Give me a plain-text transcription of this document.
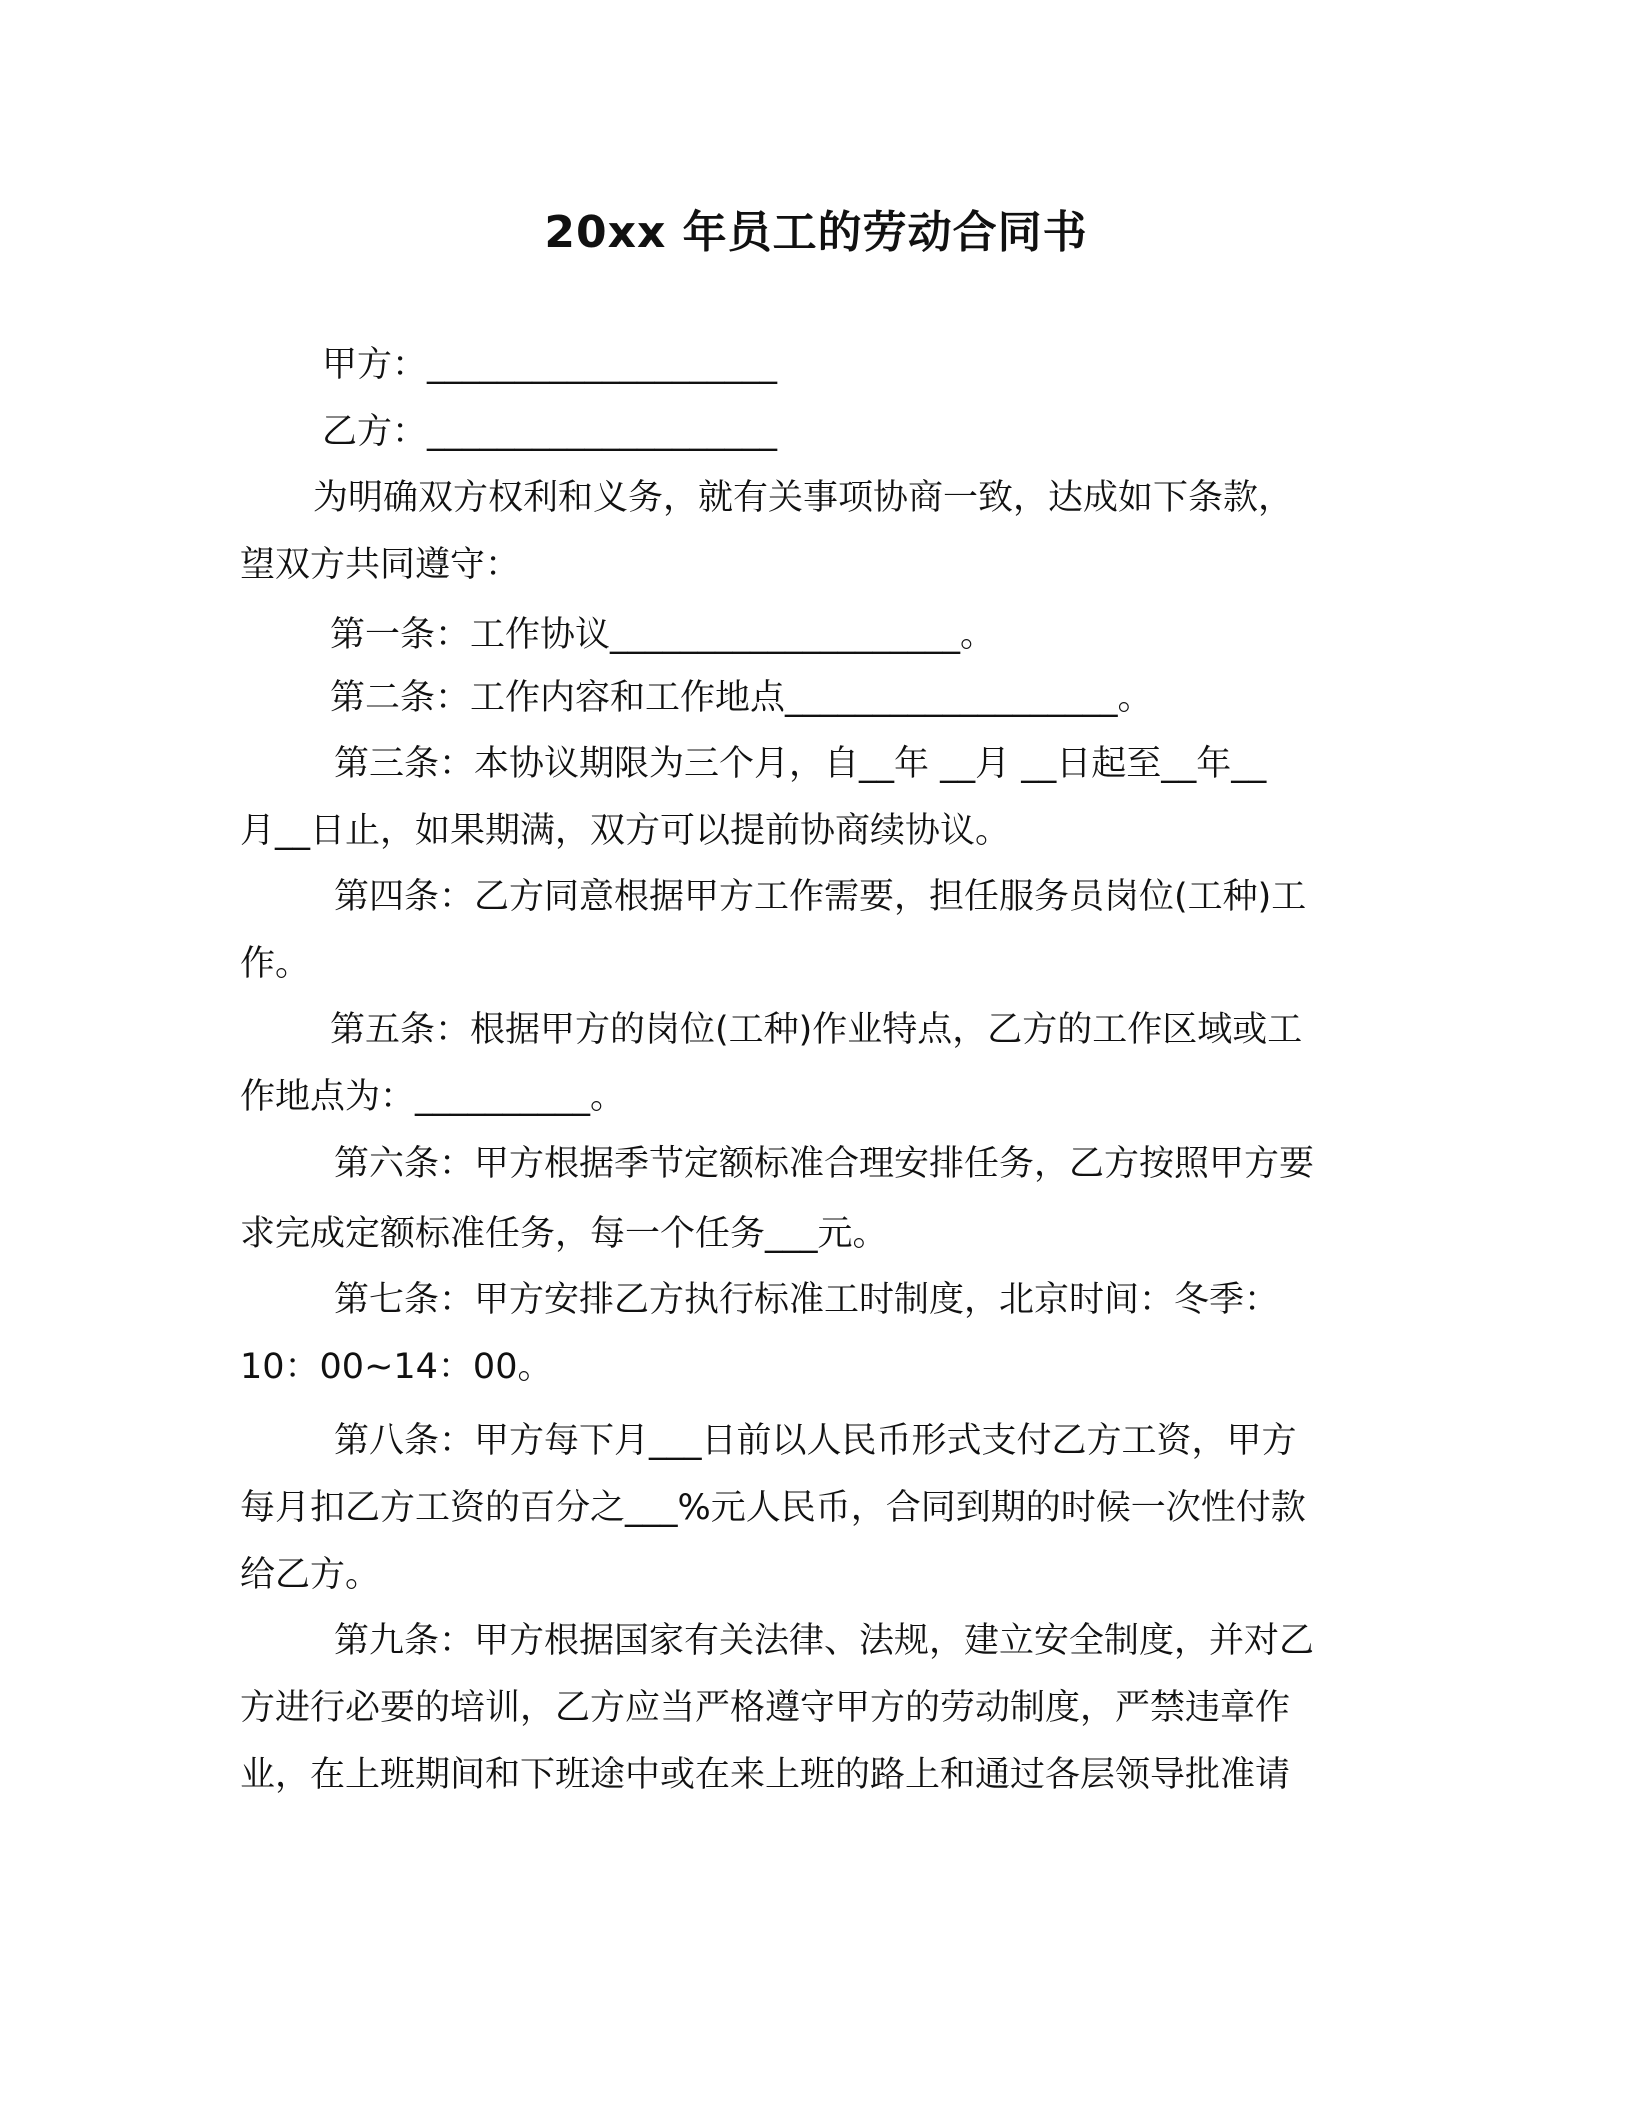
20xx 年员工的劳动合同书

甲方：____________________

乙方：____________________

为明确双方权利和义务，就有关事项协商一致，达成如下条款，

望双方共同遵守：

第一条：工作协议____________________。

第二条：工作内容和工作地点___________________。

第三条：本协议期限为三个月，自__年 __月 __日起至__年__

月__日止，如果期满，双方可以提前协商续协议。

第四条：乙方同意根据甲方工作需要，担任服务员岗位(工种)工

作。

第五条：根据甲方的岗位(工种)作业特点，乙方的工作区域或工

作地点为：__________。

第六条：甲方根据季节定额标准合理安排任务，乙方按照甲方要

求完成定额标准任务，每一个任务___元。

第七条：甲方安排乙方执行标准工时制度，北京时间：冬季：

10：00~14：00。

第八条：甲方每下月___日前以人民币形式支付乙方工资，甲方

每月扣乙方工资的百分之___%元人民币，合同到期的时候一次性付款

给乙方。

第九条：甲方根据国家有关法律、法规，建立安全制度，并对乙

方进行必要的培训，乙方应当严格遵守甲方的劳动制度，严禁违章作

业，在上班期间和下班途中或在来上班的路上和通过各层领导批准请
